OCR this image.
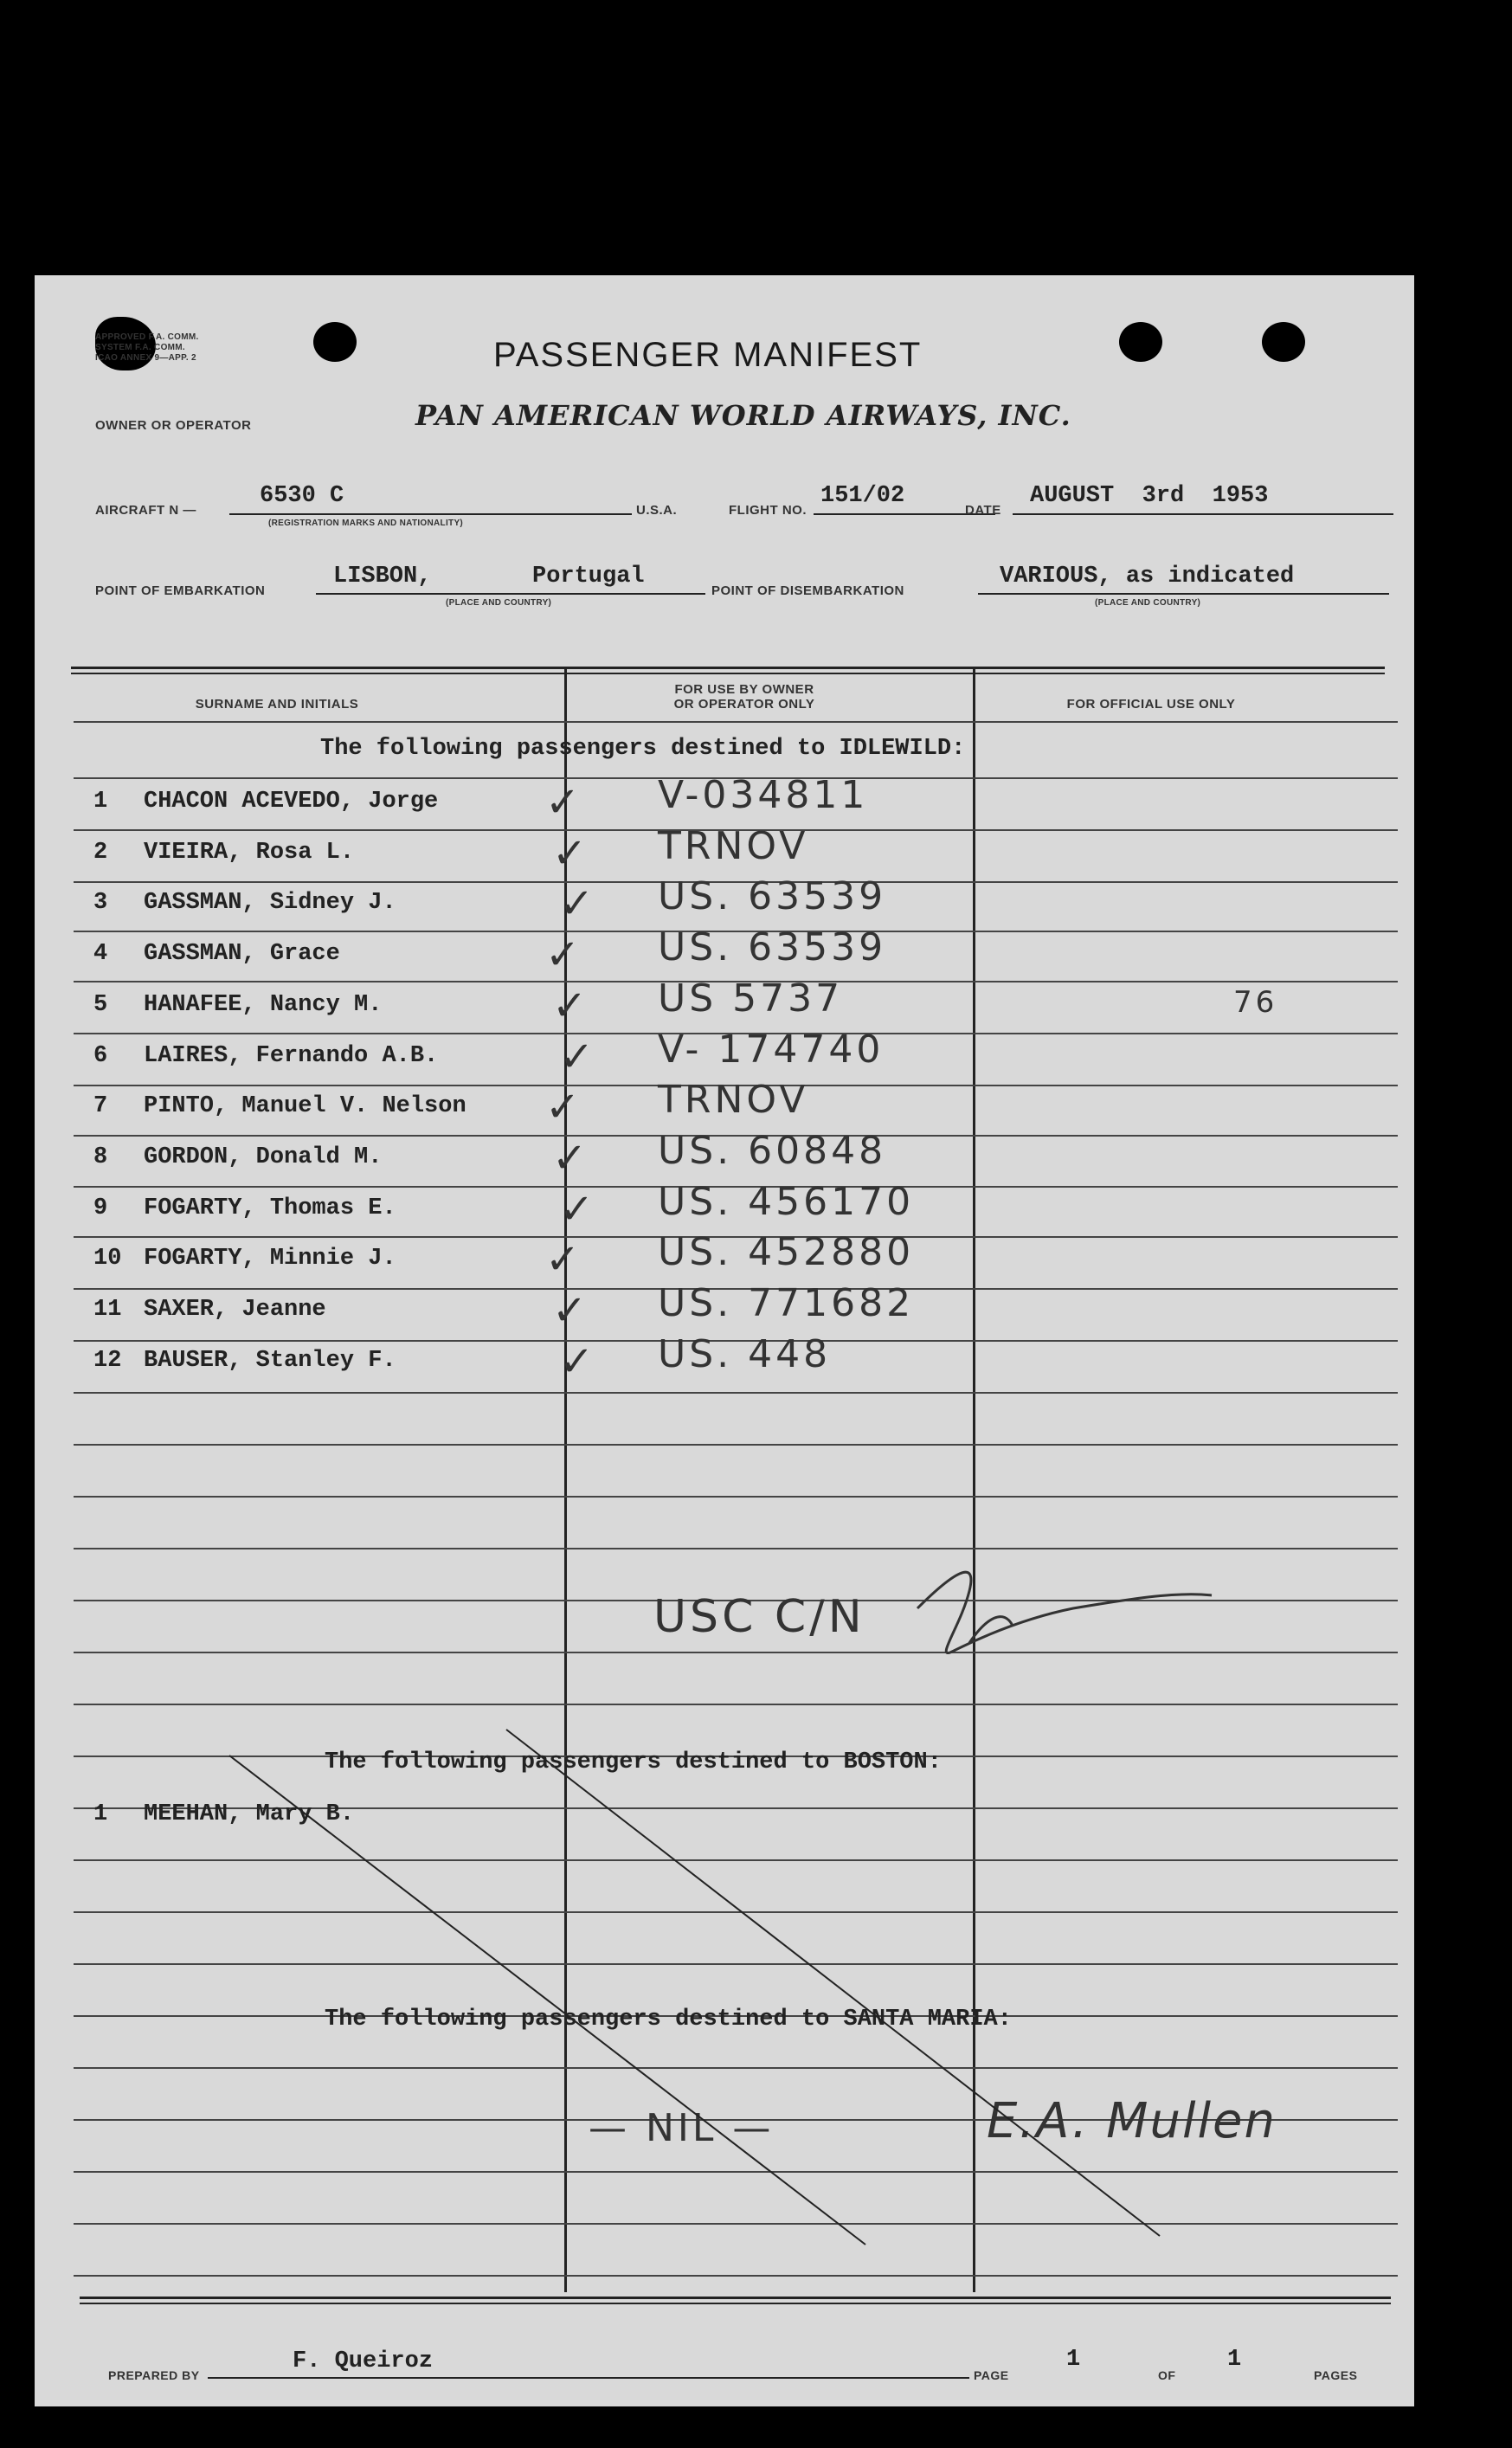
APPROVED F.A. COMM.
SYSTEM F.A. COMM.
ICAO ANNEX 9—APP. 2	PASSENGER MANIFEST
OWNER OR OPERATOR	PAN AMERICAN WORLD AIRWAYS, INC.
AIRCRAFT N —
6530 C
(REGISTRATION MARKS AND NATIONALITY)
U.S.A.	FLIGHT NO.
151/02
DATE
AUGUST  3rd  1953
POINT OF EMBARKATION
LISBON,	Portugal
(PLACE AND COUNTRY)
POINT OF DISEMBARKATION
VARIOUS, as indicated
(PLACE AND COUNTRY)
SURNAME AND INITIALS
FOR USE BY OWNER
OR OPERATOR ONLY	FOR OFFICIAL USE ONLY
The following passengers destined to IDLEWILD:
1 CHACON ACEVEDO, Jorge	✓ V-034811
2 VIEIRA, Rosa L.	✓ TRNOV
3 GASSMAN, Sidney J.	✓ US. 63539
4 GASSMAN, Grace	✓ US. 63539
5 HANAFEE, Nancy M.	✓ US 5737	76
6 LAIRES, Fernando A.B.	✓ V- 174740
7 PINTO, Manuel V. Nelson ✓ TRNOV
8 GORDON, Donald M.	✓ US. 60848
9 FOGARTY, Thomas E.	✓ US. 456170
10 FOGARTY, Minnie J.	✓ US. 452880
11 SAXER, Jeanne	✓ US. 771682
12 BAUSER, Stanley F.	✓ US. 448
USC C/N
The following passengers destined to BOSTON:
1 MEEHAN, Mary B.
The following passengers destined to SANTA MARIA:
— NIL —	E.A. Mullen
PREPARED BY
F. Queiroz
PAGE
1
OF
1
PAGES
